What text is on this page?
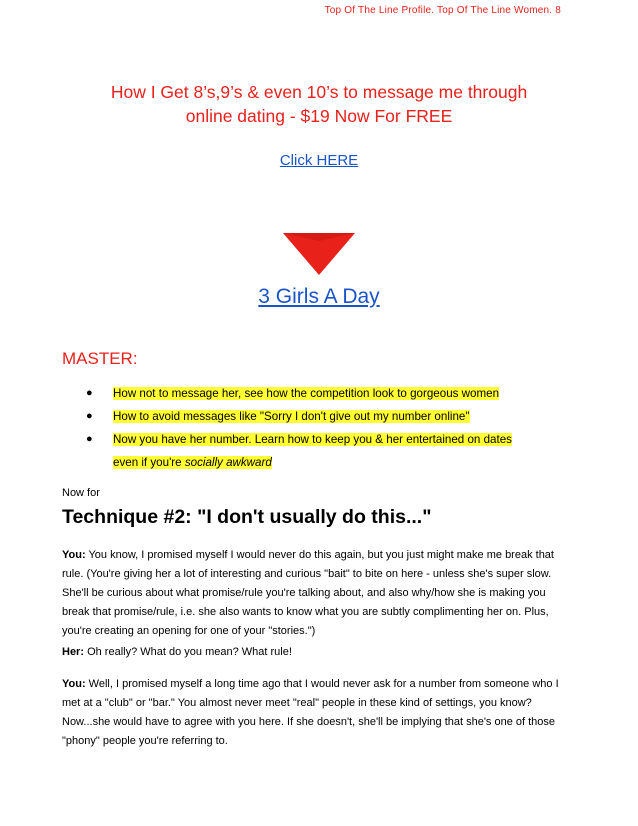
Top Of The Line Profile. Top Of The Line Women. 8
How I Get 8’s,9’s & even 10’s to message me through
online dating - $19 Now For FREE
Click HERE
3 Girls A Day
MASTER:
● How not to message her, see how the competition look to gorgeous women
● How to avoid messages like "Sorry I don't give out my number online"
● Now you have her number. Learn how to keep you & her entertained on dates
even if you're socially awkward
Now for
Technique #2: "I don't usually do this..."

You: You know, I promised myself I would never do this again, but you just might make me break that rule. (You're giving her a lot of interesting and curious "bait" to bite on here - unless she's super slow. She'll be curious about what promise/rule you're talking about, and also why/how she is making you break that promise/rule, i.e. she also wants to know what you are subtly complimenting her on. Plus, you're creating an opening for one of your "stories.")

Her: Oh really? What do you mean? What rule!

You: Well, I promised myself a long time ago that I would never ask for a number from someone who I met at a "club" or "bar." You almost never meet "real" people in these kind of settings, you know? Now...she would have to agree with you here. If she doesn't, she'll be implying that she's one of those "phony" people you're referring to.
